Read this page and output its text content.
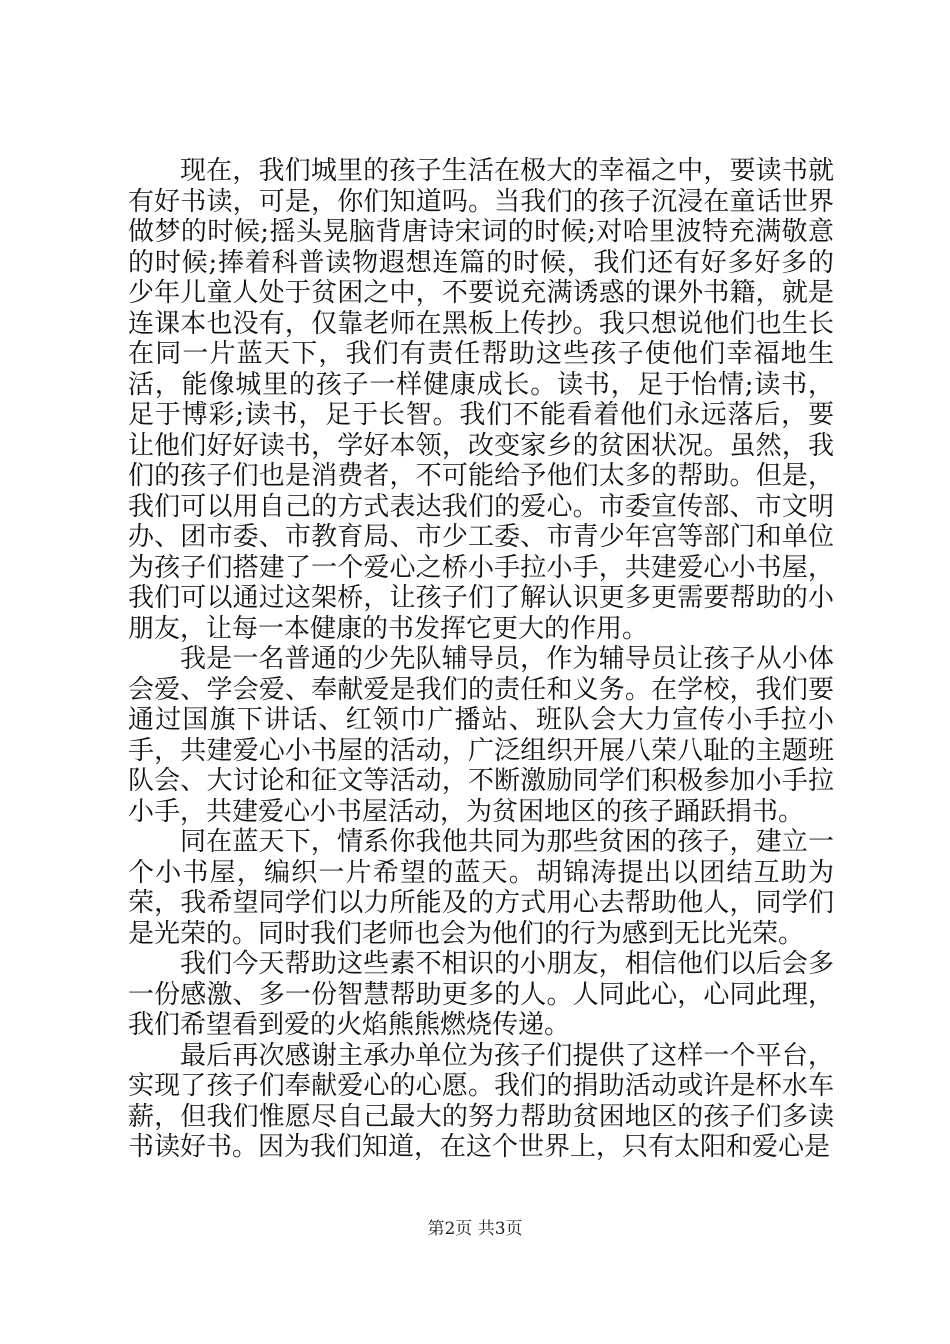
现在，我们城里的孩子生活在极大的幸福之中，要读书就有好书读，可是，你们知道吗。当我们的孩子沉浸在童话世界做梦的时候;摇头晃脑背唐诗宋词的时候;对哈里波特充满敬意的时候;捧着科普读物遐想连篇的时候，我们还有好多好多的少年儿童人处于贫困之中，不要说充满诱惑的课外书籍，就是连课本也没有，仅靠老师在黑板上传抄。我只想说他们也生长在同一片蓝天下，我们有责任帮助这些孩子使他们幸福地生活，能像城里的孩子一样健康成长。读书，足于怡情;读书，足于博彩;读书，足于长智。我们不能看着他们永远落后，要让他们好好读书，学好本领，改变家乡的贫困状况。虽然，我们的孩子们也是消费者，不可能给予他们太多的帮助。但是，我们可以用自己的方式表达我们的爱心。市委宣传部、市文明办、团市委、市教育局、市少工委、市青少年宫等部门和单位为孩子们搭建了一个爱心之桥小手拉小手，共建爱心小书屋，我们可以通过这架桥，让孩子们了解认识更多更需要帮助的小朋友，让每一本健康的书发挥它更大的作用。

我是一名普通的少先队辅导员，作为辅导员让孩子从小体会爱、学会爱、奉献爱是我们的责任和义务。在学校，我们要通过国旗下讲话、红领巾广播站、班队会大力宣传小手拉小手，共建爱心小书屋的活动，广泛组织开展八荣八耻的主题班队会、大讨论和征文等活动，不断激励同学们积极参加小手拉小手，共建爱心小书屋活动，为贫困地区的孩子踊跃捐书。

同在蓝天下，情系你我他共同为那些贫困的孩子，建立一个小书屋，编织一片希望的蓝天。胡锦涛提出以团结互助为荣，我希望同学们以力所能及的方式用心去帮助他人，同学们是光荣的。同时我们老师也会为他们的行为感到无比光荣。

我们今天帮助这些素不相识的小朋友，相信他们以后会多一份感激、多一份智慧帮助更多的人。人同此心，心同此理，我们希望看到爱的火焰熊熊燃烧传递。

最后再次感谢主承办单位为孩子们提供了这样一个平台，实现了孩子们奉献爱心的心愿。我们的捐助活动或许是杯水车薪，但我们惟愿尽自己最大的努力帮助贫困地区的孩子们多读书读好书。因为我们知道，在这个世界上，只有太阳和爱心是

第2页 共3页
